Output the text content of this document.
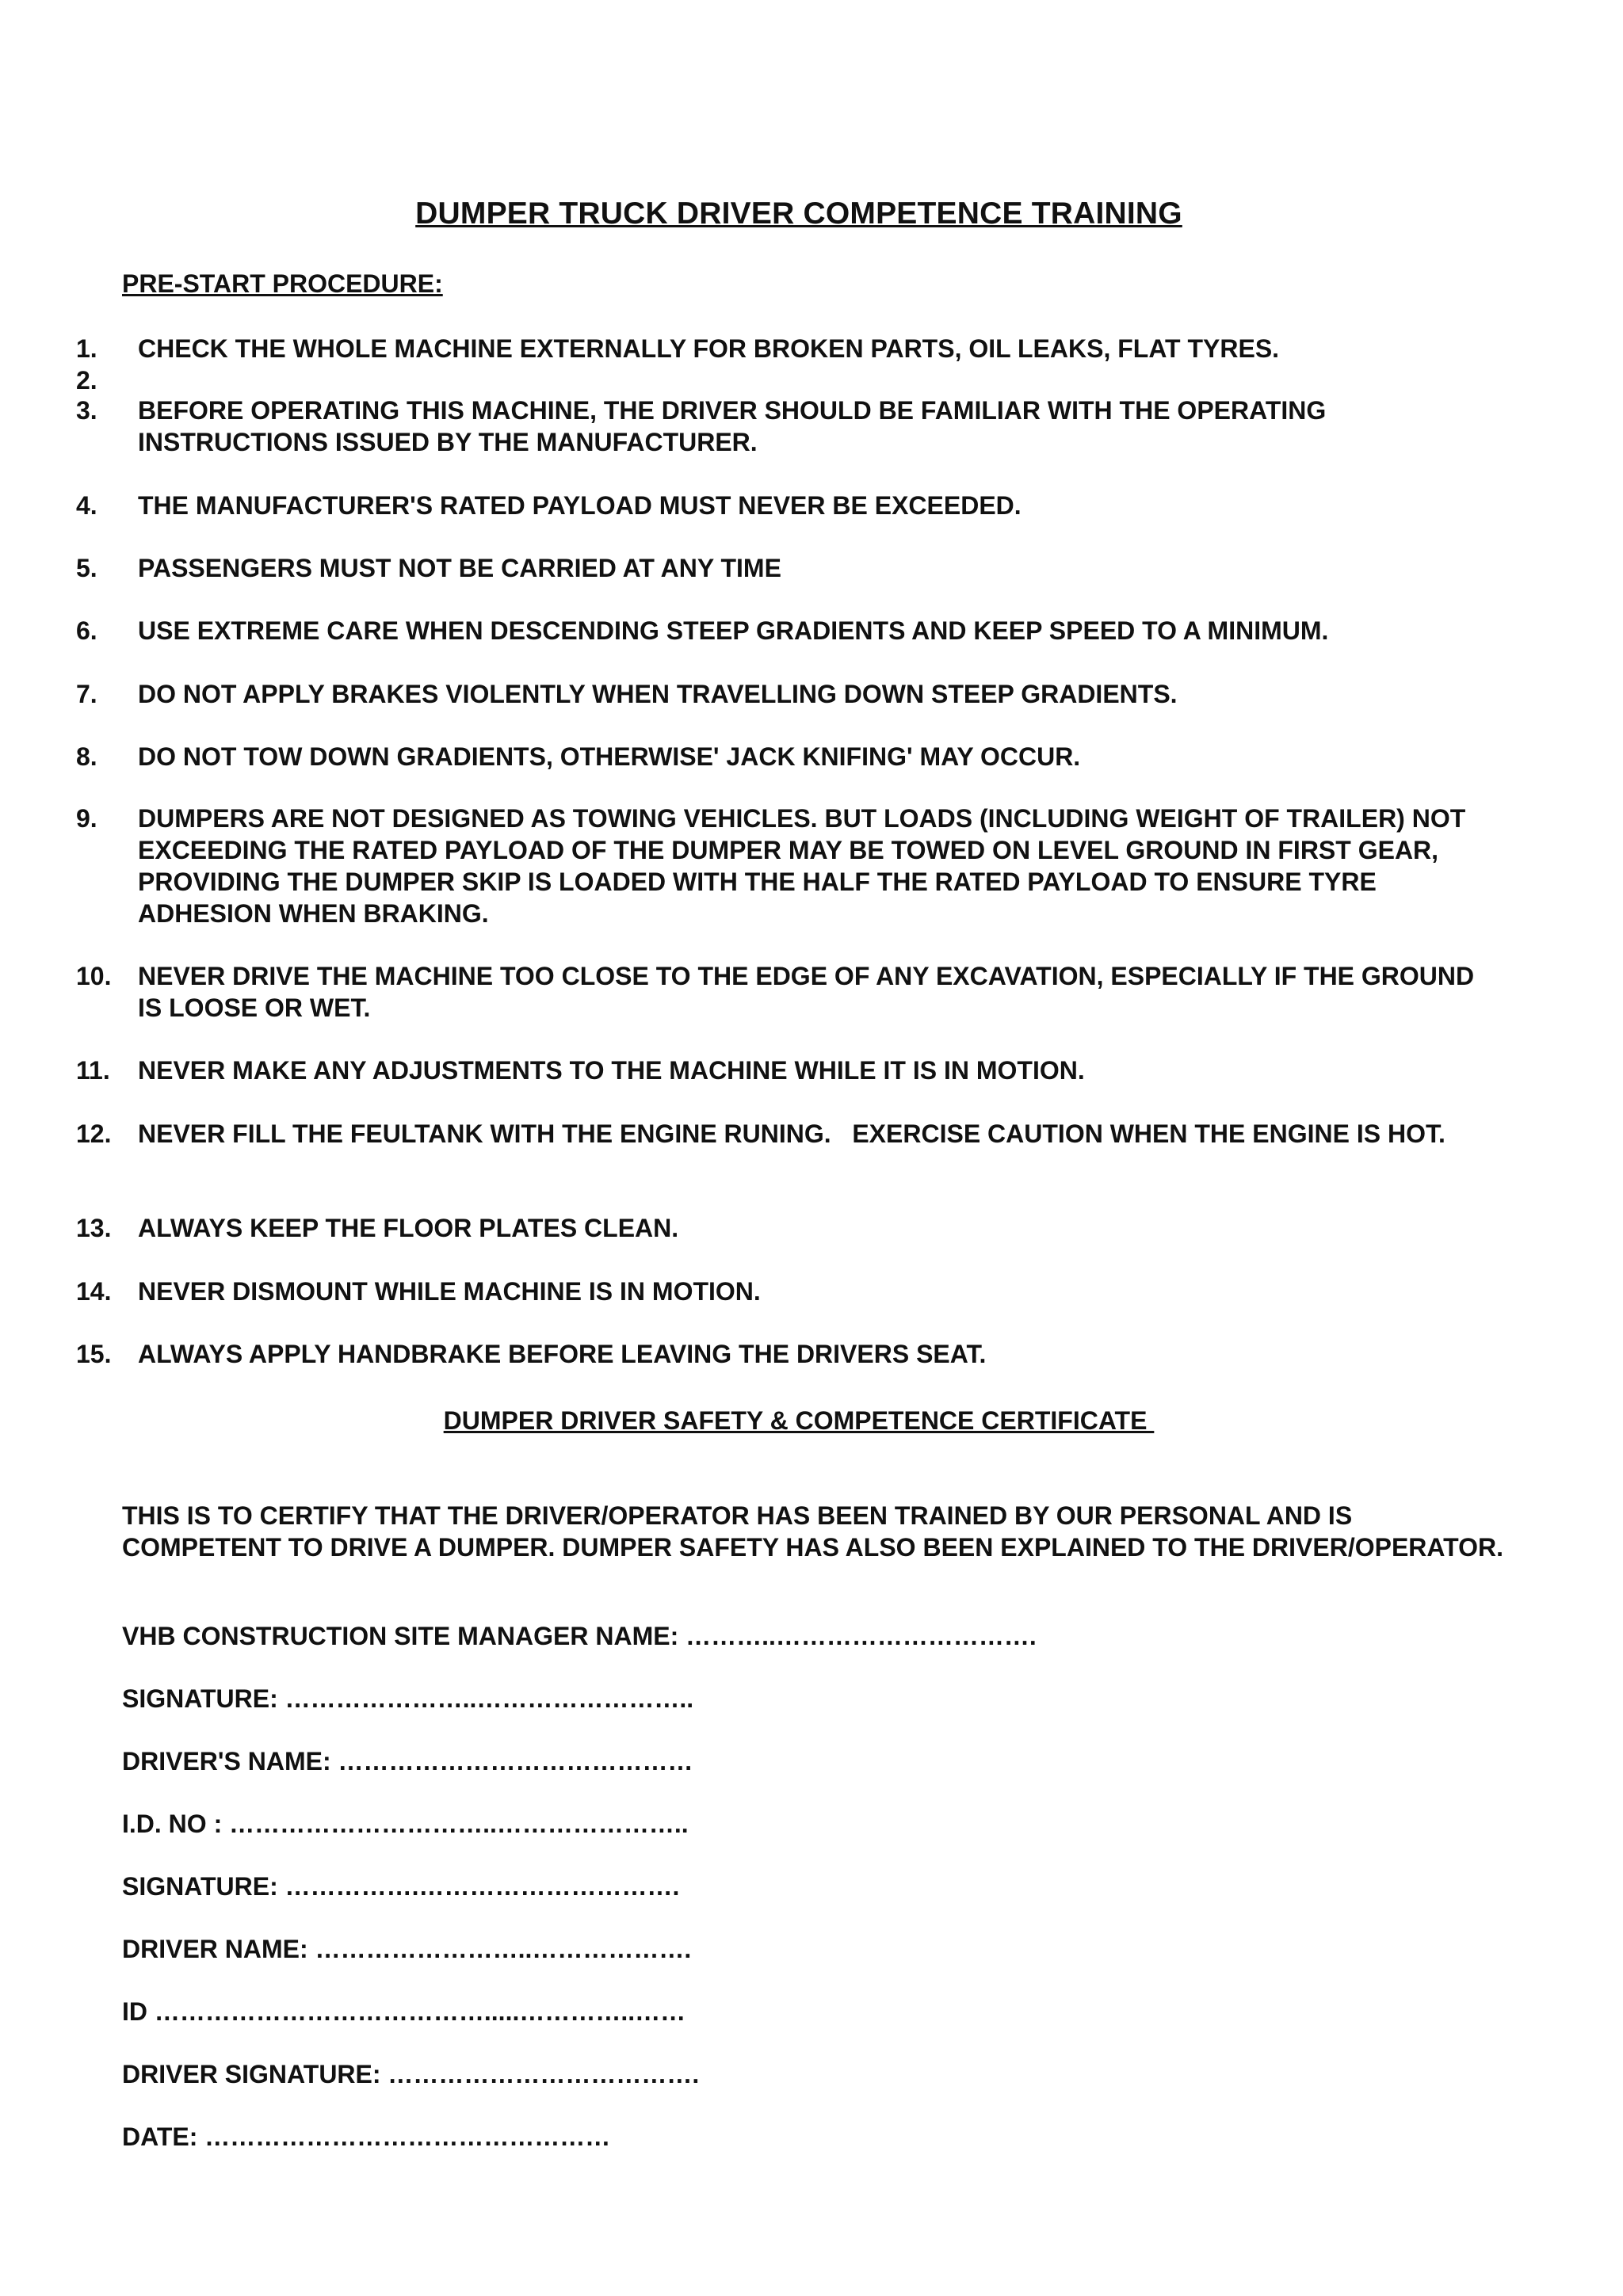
DUMPER TRUCK DRIVER COMPETENCE TRAINING
PRE-START PROCEDURE:
1.	CHECK THE WHOLE MACHINE EXTERNALLY FOR BROKEN PARTS, OIL LEAKS, FLAT TYRES.
2.
3.	BEFORE OPERATING THIS MACHINE, THE DRIVER SHOULD BE FAMILIAR WITH THE OPERATING INSTRUCTIONS ISSUED BY THE MANUFACTURER.
4.	THE MANUFACTURER'S RATED PAYLOAD MUST NEVER BE EXCEEDED.
5.	PASSENGERS MUST NOT BE CARRIED AT ANY TIME
6.	USE EXTREME CARE WHEN DESCENDING STEEP GRADIENTS AND KEEP SPEED TO A MINIMUM.
7.	DO NOT APPLY BRAKES VIOLENTLY WHEN TRAVELLING DOWN STEEP GRADIENTS.
8.	DO NOT TOW DOWN GRADIENTS, OTHERWISE' JACK KNIFING' MAY OCCUR.
9.	DUMPERS ARE NOT DESIGNED AS TOWING VEHICLES. BUT LOADS (INCLUDING WEIGHT OF TRAILER) NOT EXCEEDING THE RATED PAYLOAD OF THE DUMPER MAY BE TOWED ON LEVEL GROUND IN FIRST GEAR, PROVIDING THE DUMPER SKIP IS LOADED WITH THE HALF THE RATED PAYLOAD TO ENSURE TYRE ADHESION WHEN BRAKING.
10.	NEVER DRIVE THE MACHINE TOO CLOSE TO THE EDGE OF ANY EXCAVATION, ESPECIALLY IF THE GROUND IS LOOSE OR WET.
11.	NEVER MAKE ANY ADJUSTMENTS TO THE MACHINE WHILE IT IS IN MOTION.
12.	NEVER FILL THE FEULTANK WITH THE ENGINE RUNING.   EXERCISE CAUTION WHEN THE ENGINE IS HOT.
13.	ALWAYS KEEP THE FLOOR PLATES CLEAN.
14.	NEVER DISMOUNT WHILE MACHINE IS IN MOTION.
15.	ALWAYS APPLY HANDBRAKE BEFORE LEAVING THE DRIVERS SEAT.
DUMPER DRIVER SAFETY & COMPETENCE CERTIFICATE
THIS IS TO CERTIFY THAT THE DRIVER/OPERATOR HAS BEEN TRAINED BY OUR PERSONAL AND IS COMPETENT TO DRIVE A DUMPER. DUMPER SAFETY HAS ALSO BEEN EXPLAINED TO THE DRIVER/OPERATOR.
VHB CONSTRUCTION SITE MANAGER NAME: ………..………………………….
SIGNATURE: …………………..……………………..
DRIVER'S NAME: ……………………………………
I.D. NO : …………………………..…………………..
SIGNATURE: …………….………………………….
DRIVER NAME: ……………………..……………….
ID ………………………………….....…………..……
DRIVER SIGNATURE: ……………………………….
DATE: …………………………………………
